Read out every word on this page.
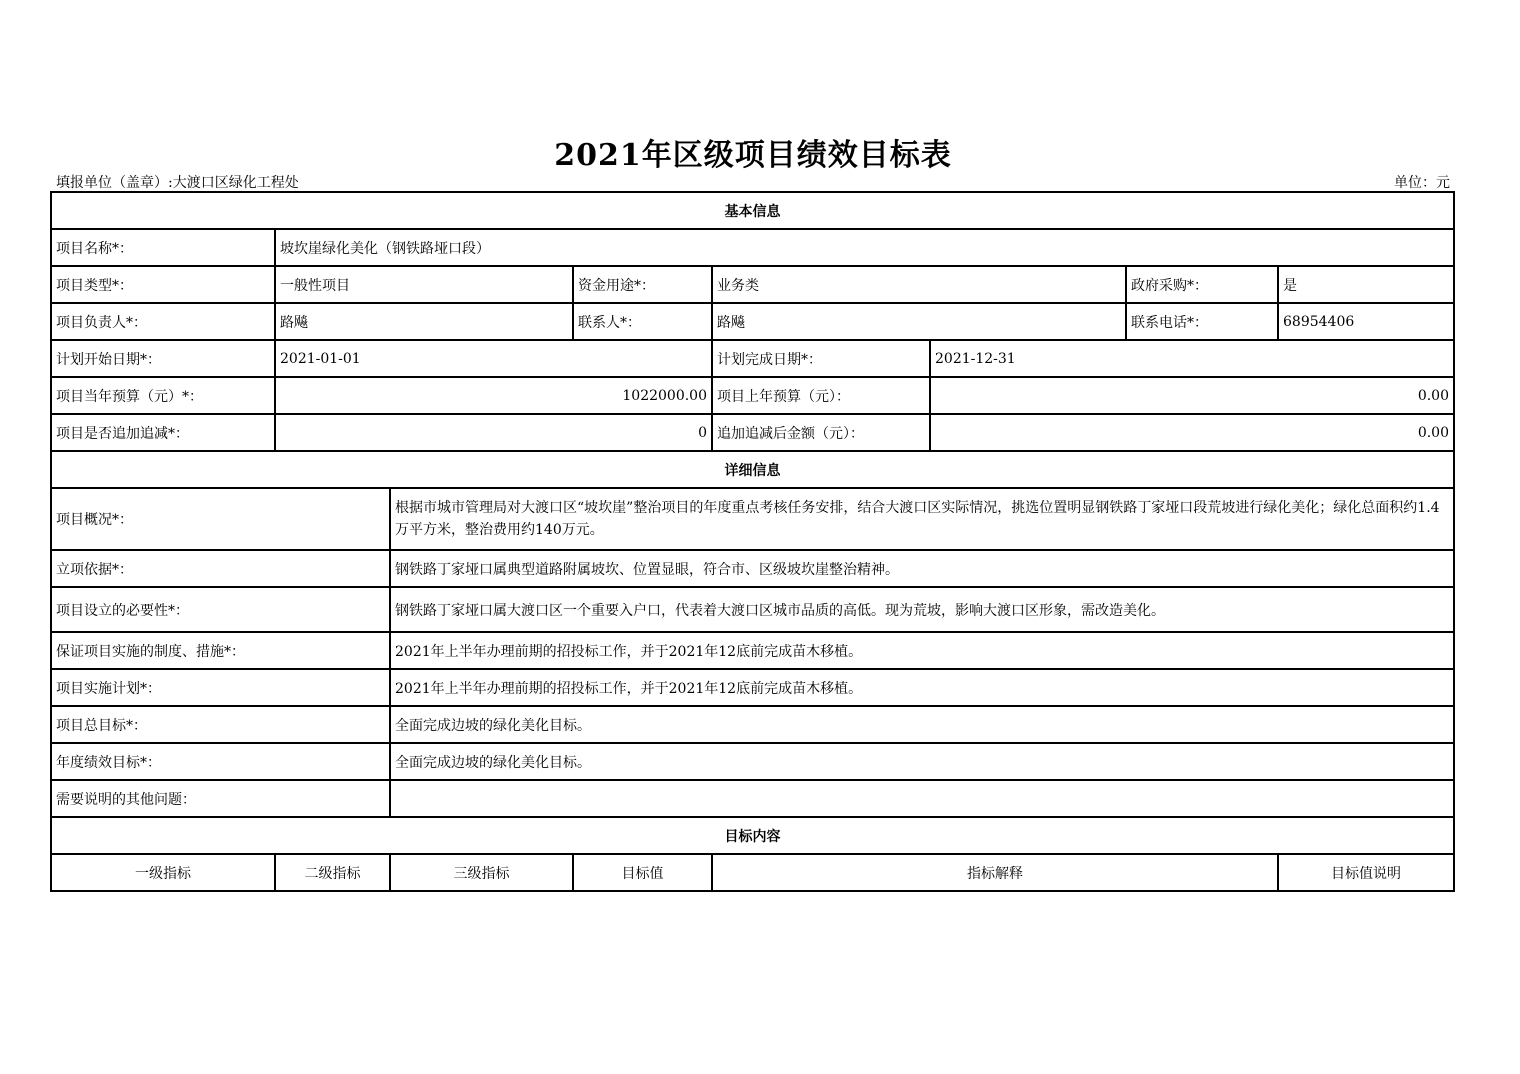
2021年区级项目绩效目标表
填报单位（盖章）:大渡口区绿化工程处	单位：元
基本信息							
项目名称*：	坡坎崖绿化美化（钢铁路垭口段）						
项目类型*：	一般性项目		资金用途*：	业务类		政府采购*：	是
项目负责人*：	路飚		联系人*：	路飚		联系电话*：	68954406
计划开始日期*：	2021-01-01			计划完成日期*：	2021-12-31		
项目当年预算（元）*：	1022000.00			项目上年预算（元）：	0.00		
项目是否追加追减*：	0			追加追减后金额（元）：	0.00		
详细信息							
项目概况*：		根据市城市管理局对大渡口区“坡坎崖”整治项目的年度重点考核任务安排，结合大渡口区实际情况，挑选位置明显钢铁路丁家垭口段荒坡进行绿化美化；绿化总面积约1.4万平方米，整治费用约140万元。					
立项依据*：		钢铁路丁家垭口属典型道路附属坡坎、位置显眼，符合市、区级坡坎崖整治精神。					
项目设立的必要性*：		钢铁路丁家垭口属大渡口区一个重要入户口，代表着大渡口区城市品质的高低。现为荒坡，影响大渡口区形象，需改造美化。					
保证项目实施的制度、措施*：		2021年上半年办理前期的招投标工作，并于2021年12底前完成苗木移植。					
项目实施计划*：		2021年上半年办理前期的招投标工作，并于2021年12底前完成苗木移植。					
项目总目标*：		全面完成边坡的绿化美化目标。					
年度绩效目标*：		全面完成边坡的绿化美化目标。					
需要说明的其他问题：							
目标内容							
一级指标	二级指标	三级指标	目标值	指标解释			目标值说明
